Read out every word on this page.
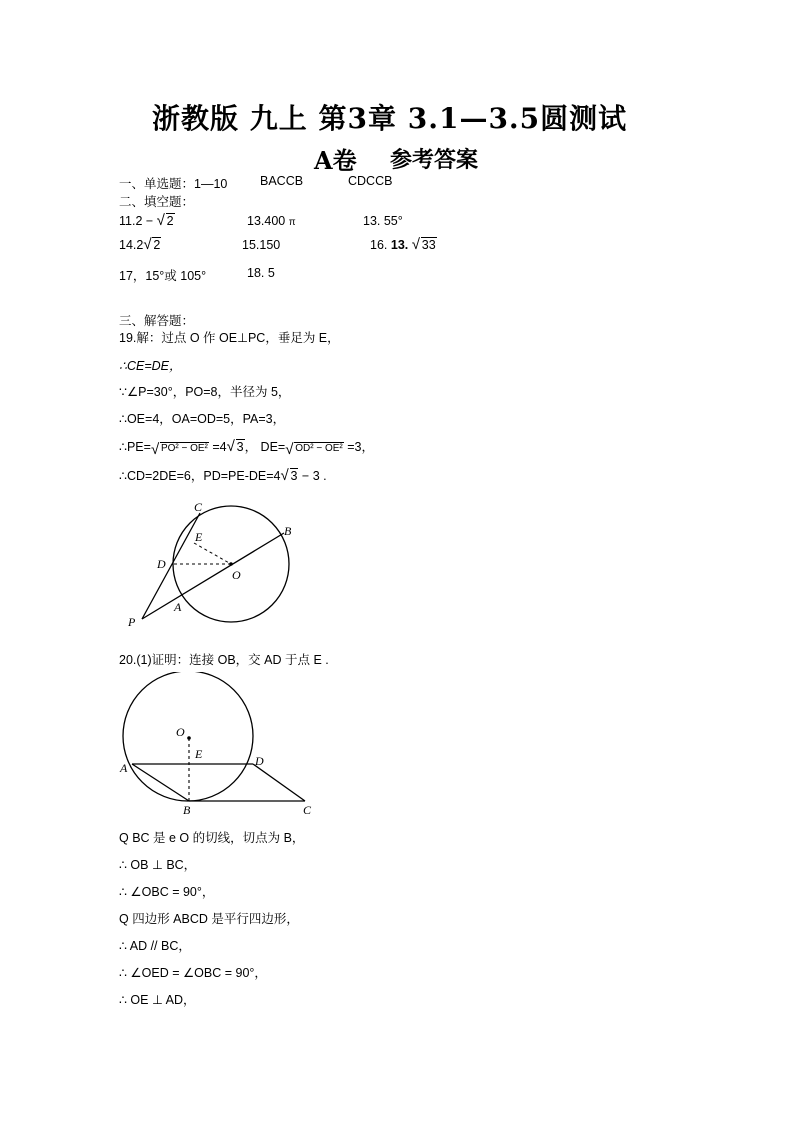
浙教版 九上 第3章 3.1—3.5圆测试
A卷 参考答案
一、单选题：1—10	BACCB	CDCCB
二、填空题：
11.2 − √ 2	13.400 π	13. 55°
14.2 √ 2	15.150	16. 13. √ 33
17，15°或 105°	18. 5
三、解答题：
19.解：过点 O 作 OE⊥PC，垂足为 E，
∴CE=DE，
∵∠P=30°，PO=8，半径为 5，
∴OE=4，OA=OD=5，PA=3，
∴PE= √ PO² − OE² =4 √ 3， DE= √ OD² − OE² =3，
∴CD=2DE=6，PD=PE-DE=4 √ 3 − 3 .
C
B
E
D
O
A
P
20.(1)证明：连接 OB，交 AD 于点 E .
O
E
A	D
B	C
Q BC 是 e O 的切线，切点为 B，
∴ OB ⊥ BC，
∴ ∠OBC = 90°，
Q 四边形 ABCD 是平行四边形，
∴ AD // BC，
∴ ∠OED = ∠OBC = 90°，
∴ OE ⊥ AD，
